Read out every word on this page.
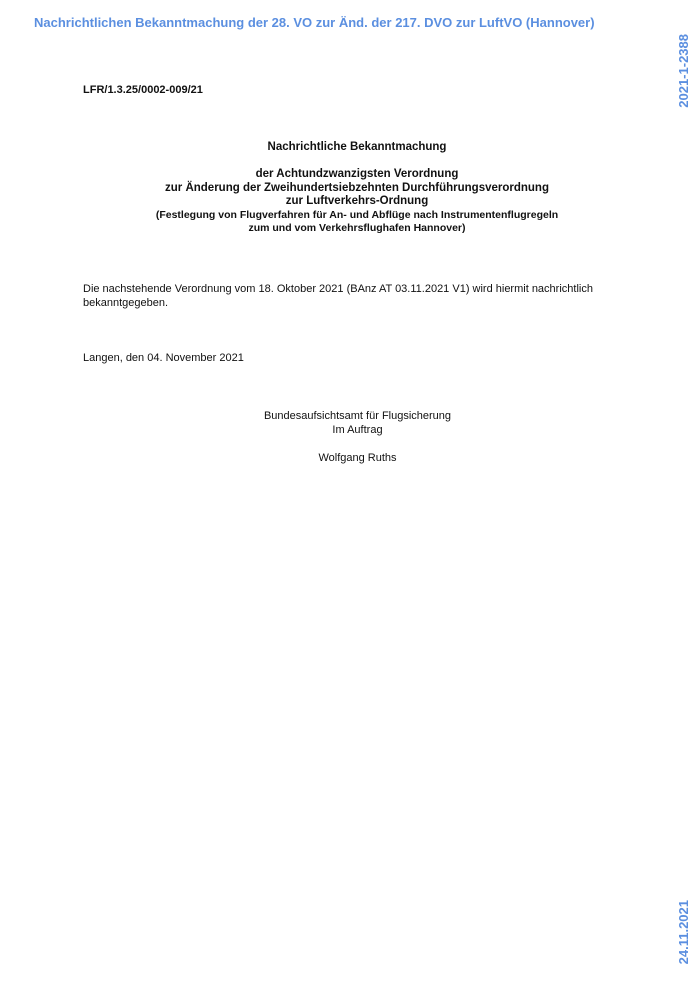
Nachrichtlichen Bekanntmachung der 28. VO zur Änd. der 217. DVO zur LuftVO (Hannover)
2021-1-2388
24.11.2021
LFR/1.3.25/0002-009/21
Nachrichtliche Bekanntmachung
der Achtundzwanzigsten Verordnung
zur Änderung der Zweihundertsiebzehnten Durchführungsverordnung
zur Luftverkehrs-Ordnung
(Festlegung von Flugverfahren für An- und Abflüge nach Instrumentenflugregeln
zum und vom Verkehrsflughafen Hannover)
Die nachstehende Verordnung vom 18. Oktober 2021 (BAnz AT 03.11.2021 V1) wird hiermit nachrichtlich bekanntgegeben.
Langen, den 04. November 2021
Bundesaufsichtsamt für Flugsicherung
Im Auftrag
Wolfgang Ruths
